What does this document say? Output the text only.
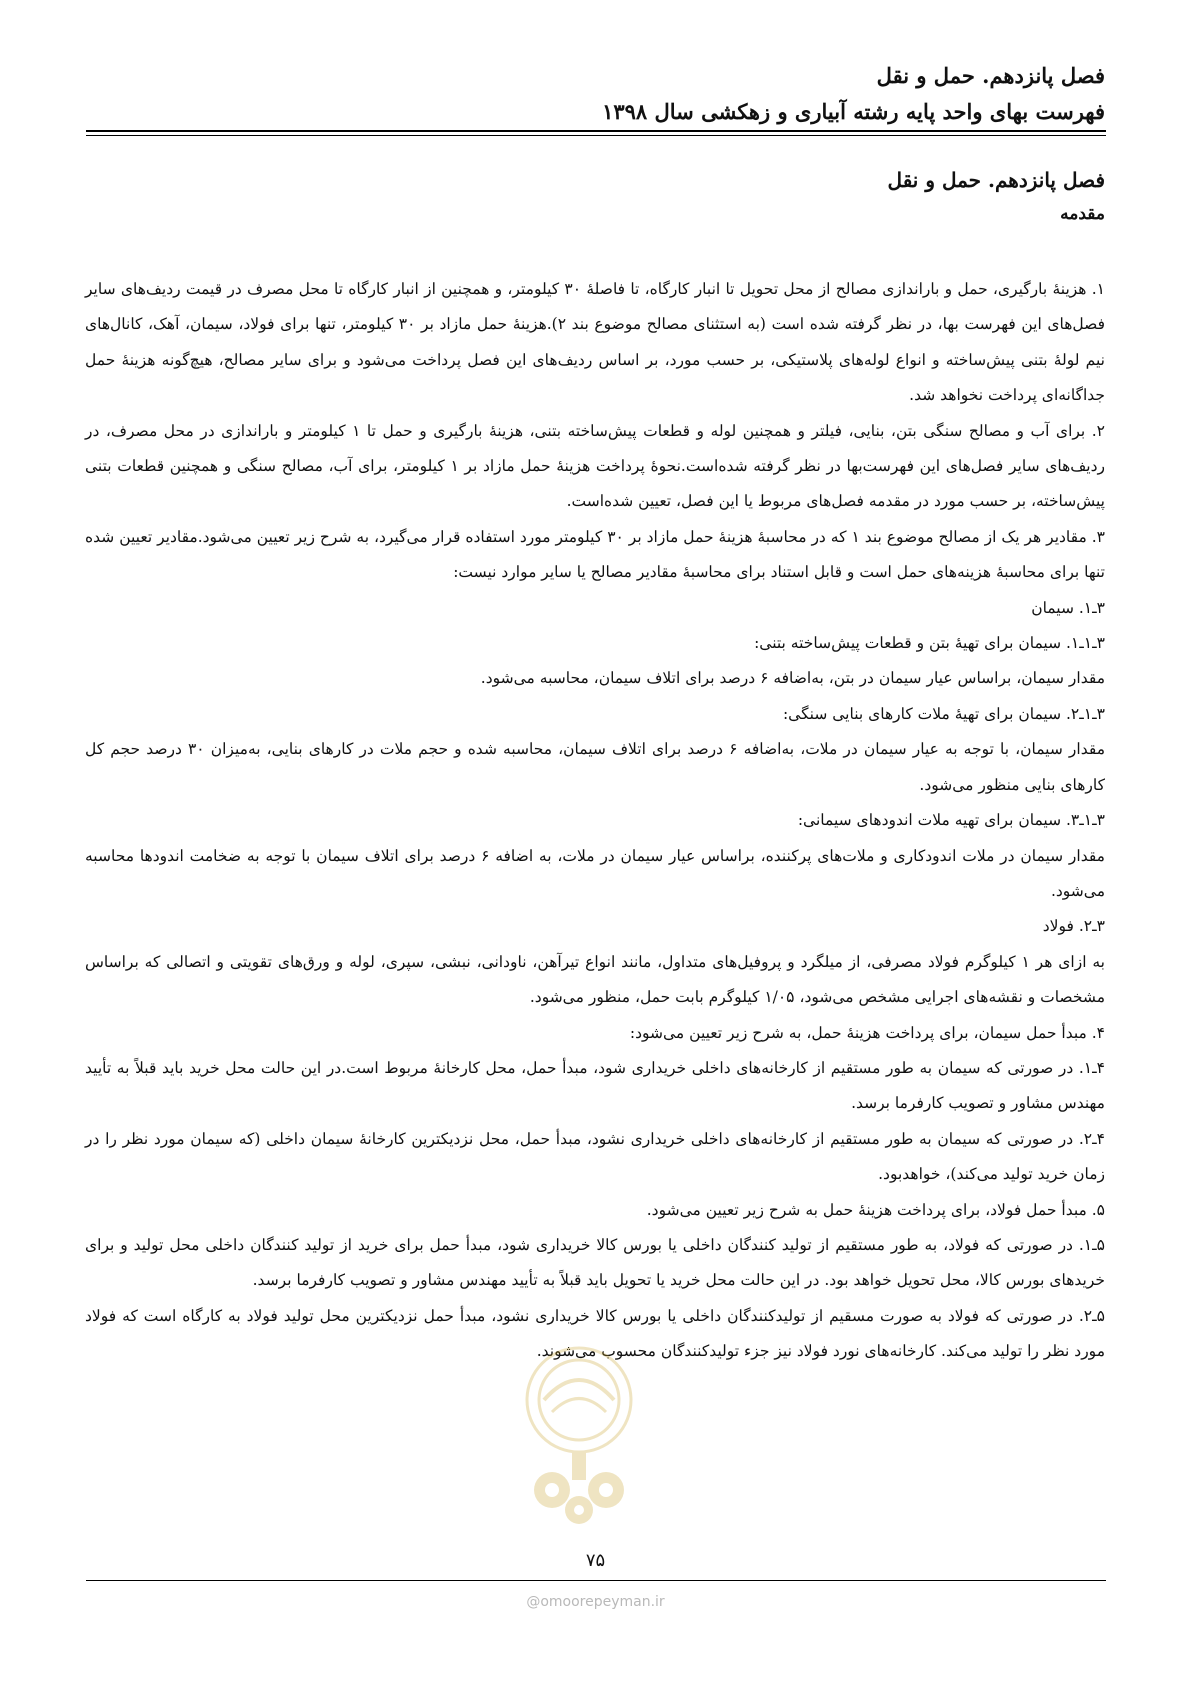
فصل پانزدهم. حمل و نقل
فهرست بهای واحد پایه رشته آبیاری و زهکشی سال ۱۳۹۸
فصل پانزدهم. حمل و نقل
مقدمه

۱. هزینهٔ بارگیری، حمل و باراندازی مصالح از محل تحویل تا انبار کارگاه، تا فاصلهٔ ۳۰ کیلومتر، و همچنین از انبار کارگاه تا محل مصرف در قیمت ردیف‌های سایر فصل‌های این فهرست بها، در نظر گرفته شده است (به استثنای مصالح موضوع بند ۲).هزینهٔ حمل مازاد بر ۳۰ کیلومتر، تنها برای فولاد، سیمان، آهک، کانال‌های نیم لولهٔ بتنی پیش‌ساخته و انواع لوله‌های پلاستیکی، بر حسب مورد، بر اساس ردیف‌های این فصل پرداخت می‌شود و برای سایر مصالح، هیچ‌گونه هزینهٔ حمل جداگانه‌ای پرداخت نخواهد شد.

۲. برای آب و مصالح سنگی بتن، بنایی، فیلتر و همچنین لوله و قطعات پیش‌ساخته بتنی، هزینهٔ بارگیری و حمل تا ۱ کیلومتر و باراندازی در محل مصرف، در ردیف‌های سایر فصل‌های این فهرست‌بها در نظر گرفته شده‌است.نحوهٔ پرداخت هزینهٔ حمل مازاد بر ۱ کیلومتر، برای آب، مصالح سنگی و همچنین قطعات بتنی پیش‌ساخته، بر حسب مورد در مقدمه فصل‌های مربوط یا این فصل، تعیین شده‌است.

۳. مقادیر هر یک از مصالح موضوع بند ۱ که در محاسبهٔ هزینهٔ حمل مازاد بر ۳۰ کیلومتر مورد استفاده قرار می‌گیرد، به شرح زیر تعیین می‌شود.مقادیر تعیین شده تنها برای محاسبهٔ هزینه‌های حمل است و قابل استناد برای محاسبهٔ مقادیر مصالح یا سایر موارد نیست:

۳ـ۱. سیمان

۳ـ۱ـ۱. سیمان برای تهیهٔ بتن و قطعات پیش‌ساخته بتنی:

مقدار سیمان، براساس عیار سیمان در بتن، به‌اضافه ۶ درصد برای اتلاف سیمان، محاسبه می‌شود.

۳ـ۱ـ۲. سیمان برای تهیهٔ ملات کارهای بنایی سنگی:

مقدار سیمان، با توجه به عیار سیمان در ملات، به‌اضافه ۶ درصد برای اتلاف سیمان، محاسبه شده و حجم ملات در کارهای بنایی، به‌میزان ۳۰ درصد حجم کل کارهای بنایی منظور می‌شود.

۳ـ۱ـ۳. سیمان برای تهیه ملات اندودهای سیمانی:

مقدار سیمان در ملات اندودکاری و ملات‌های پرکننده، براساس عیار سیمان در ملات، به اضافه ۶ درصد برای اتلاف سیمان با توجه به ضخامت اندودها محاسبه می‌شود.

۳ـ۲. فولاد

به ازای هر ۱ کیلوگرم فولاد مصرفی، از میلگرد و پروفیل‌های متداول، مانند انواع تیرآهن، ناودانی، نبشی، سپری، لوله و ورق‌های تقویتی و اتصالی که براساس مشخصات و نقشه‌های اجرایی مشخص می‌شود، ۱/۰۵ کیلوگرم بابت حمل، منظور می‌شود.

۴. مبدأ حمل سیمان، برای پرداخت هزینهٔ حمل، به شرح زیر تعیین می‌شود:

۴ـ۱. در صورتی که سیمان به طور مستقیم از کارخانه‌های داخلی خریداری شود، مبدأ حمل، محل کارخانهٔ مربوط است.در این حالت محل خرید باید قبلاً به تأیید مهندس مشاور و تصویب کارفرما برسد.

۴ـ۲. در صورتی که سیمان به طور مستقیم از کارخانه‌های داخلی خریداری نشود، مبدأ حمل، محل نزدیکترین کارخانهٔ سیمان داخلی (که سیمان مورد نظر را در زمان خرید تولید می‌کند)، خواهدبود.

۵. مبدأ حمل فولاد، برای پرداخت هزینهٔ حمل به شرح زیر تعیین می‌شود.

۵ـ۱. در صورتی که فولاد، به طور مستقیم از تولید کنندگان داخلی یا بورس کالا خریداری شود، مبدأ حمل برای خرید از تولید کنندگان داخلی محل تولید و برای خریدهای بورس کالا، محل تحویل خواهد بود. در این حالت محل خرید یا تحویل باید قبلاً به تأیید مهندس مشاور و تصویب کارفرما برسد.

۵ـ۲. در صورتی که فولاد به صورت مسقیم از تولیدکنندگان داخلی یا بورس کالا خریداری نشود، مبدأ حمل نزدیکترین محل تولید فولاد به کارگاه است که فولاد مورد نظر را تولید می‌کند. کارخانه‌های نورد فولاد نیز جزء تولیدکنندگان محسوب می‌شوند.

۷۵
@omoorepeyman.ir
